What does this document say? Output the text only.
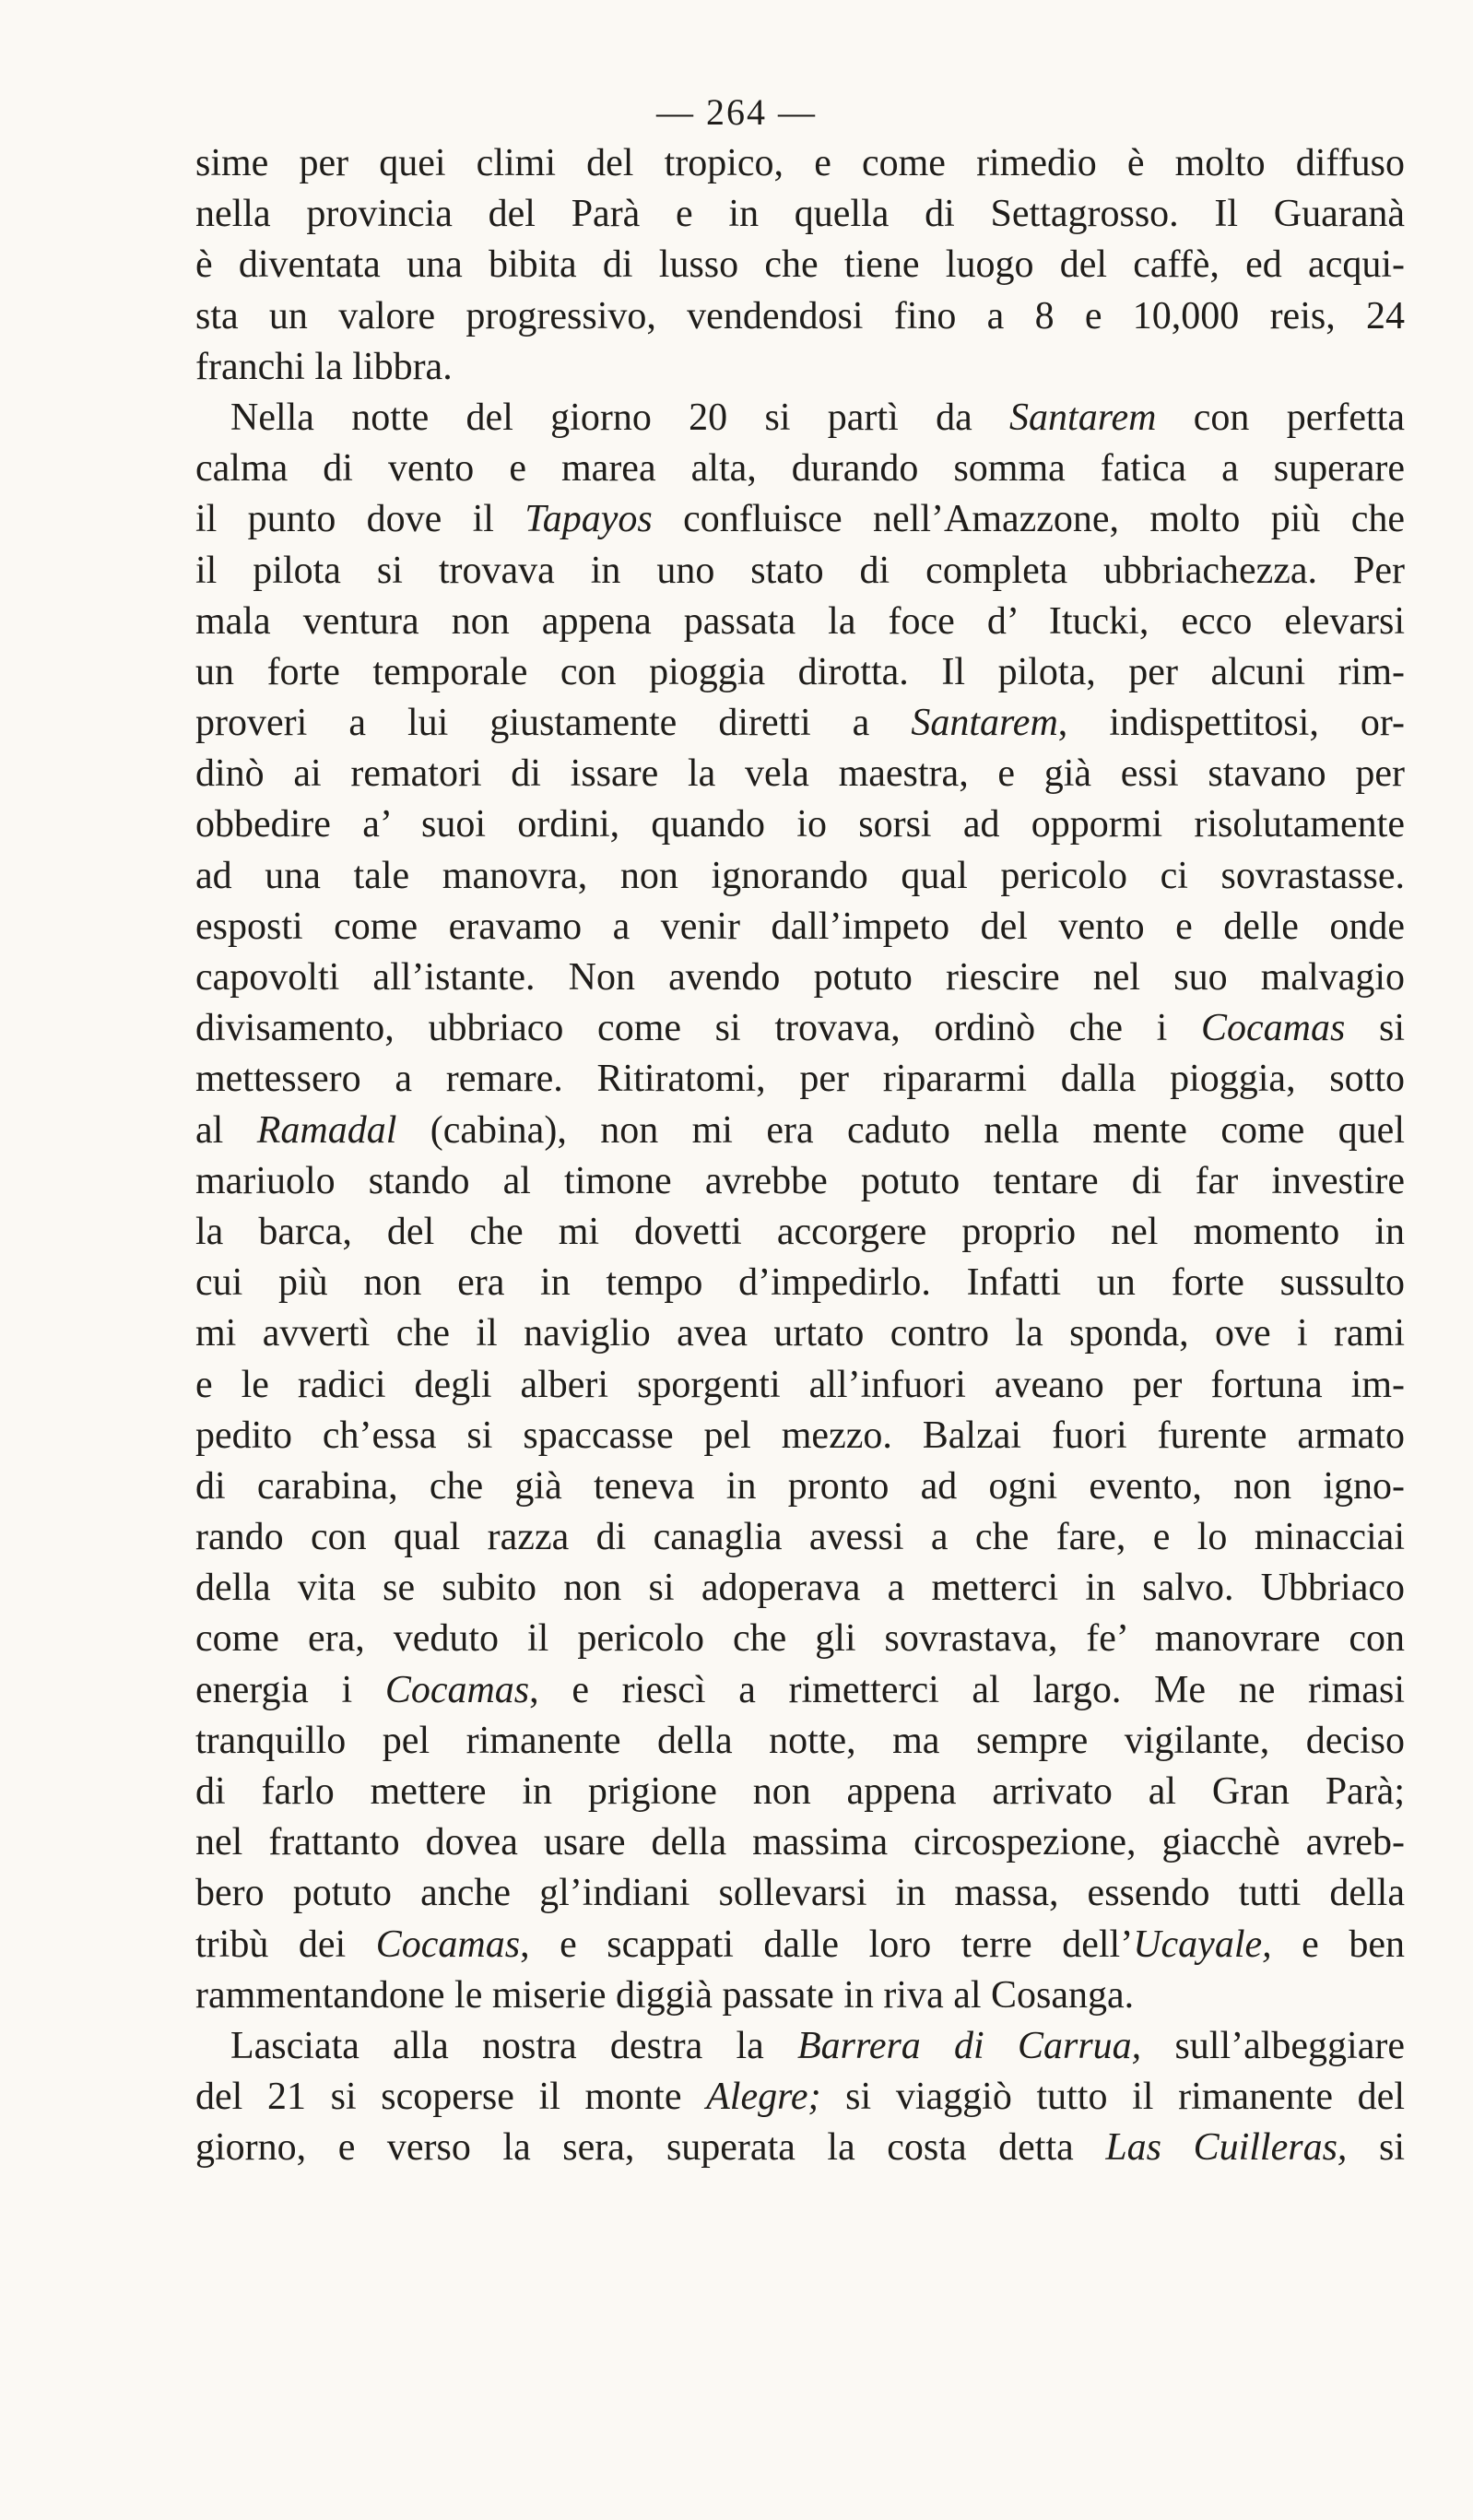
— 264 —
sime per quei climi del tropico, e come rimedio è molto diffuso
nella provincia del Parà e in quella di Settagrosso. Il Guaranà
è diventata una bibita di lusso che tiene luogo del caffè, ed acqui-
sta un valore progressivo, vendendosi fino a 8 e 10,000 reis, 24
franchi la libbra.
Nella notte del giorno 20 si partì da Santarem con perfetta
calma di vento e marea alta, durando somma fatica a superare
il punto dove il Tapayos confluisce nell’Amazzone, molto più che
il pilota si trovava in uno stato di completa ubbriachezza. Per
mala ventura non appena passata la foce d’ Itucki, ecco elevarsi
un forte temporale con pioggia dirotta. Il pilota, per alcuni rim-
proveri a lui giustamente diretti a Santarem, indispettitosi, or-
dinò ai rematori di issare la vela maestra, e già essi stavano per
obbedire a’ suoi ordini, quando io sorsi ad oppormi risolutamente
ad una tale manovra, non ignorando qual pericolo ci sovrastasse.
esposti come eravamo a venir dall’impeto del vento e delle onde
capovolti all’istante. Non avendo potuto riescire nel suo malvagio
divisamento, ubbriaco come si trovava, ordinò che i Cocamas si
mettessero a remare. Ritiratomi, per ripararmi dalla pioggia, sotto
al Ramadal (cabina), non mi era caduto nella mente come quel
mariuolo stando al timone avrebbe potuto tentare di far investire
la barca, del che mi dovetti accorgere proprio nel momento in
cui più non era in tempo d’impedirlo. Infatti un forte sussulto
mi avvertì che il naviglio avea urtato contro la sponda, ove i rami
e le radici degli alberi sporgenti all’infuori aveano per fortuna im-
pedito ch’essa si spaccasse pel mezzo. Balzai fuori furente armato
di carabina, che già teneva in pronto ad ogni evento, non igno-
rando con qual razza di canaglia avessi a che fare, e lo minacciai
della vita se subito non si adoperava a metterci in salvo. Ubbriaco
come era, veduto il pericolo che gli sovrastava, fe’ manovrare con
energia i Cocamas, e riescì a rimetterci al largo. Me ne rimasi
tranquillo pel rimanente della notte, ma sempre vigilante, deciso
di farlo mettere in prigione non appena arrivato al Gran Parà;
nel frattanto dovea usare della massima circospezione, giacchè avreb-
bero potuto anche gl’indiani sollevarsi in massa, essendo tutti della
tribù dei Cocamas, e scappati dalle loro terre dell’Ucayale, e ben
rammentandone le miserie diggià passate in riva al Cosanga.
Lasciata alla nostra destra la Barrera di Carrua, sull’albeggiare
del 21 si scoperse il monte Alegre; si viaggiò tutto il rimanente del
giorno, e verso la sera, superata la costa detta Las Cuilleras, si
